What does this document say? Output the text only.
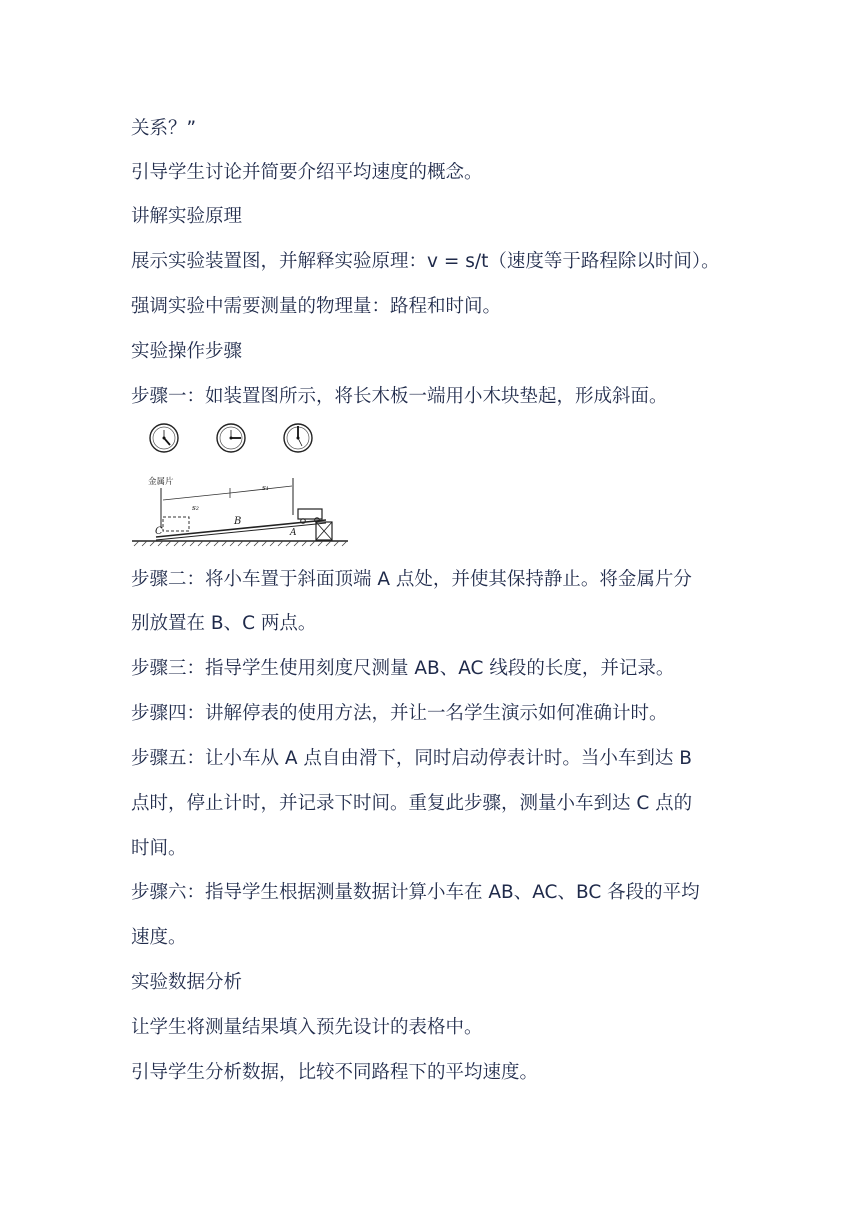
关系？”
引导学生讨论并简要介绍平均速度的概念。
讲解实验原理
展示实验装置图，并解释实验原理：v = s/t（速度等于路程除以时间）。
强调实验中需要测量的物理量：路程和时间。
实验操作步骤
步骤一：如装置图所示，将长木板一端用小木块垫起，形成斜面。
金属片
s₂
s₁
B
A
C
步骤二：将小车置于斜面顶端 A 点处，并使其保持静止。将金属片分
别放置在 B、C 两点。
步骤三：指导学生使用刻度尺测量 AB、AC 线段的长度，并记录。
步骤四：讲解停表的使用方法，并让一名学生演示如何准确计时。
步骤五：让小车从 A 点自由滑下，同时启动停表计时。当小车到达 B
点时，停止计时，并记录下时间。重复此步骤，测量小车到达 C 点的
时间。
步骤六：指导学生根据测量数据计算小车在 AB、AC、BC 各段的平均
速度。
实验数据分析
让学生将测量结果填入预先设计的表格中。
引导学生分析数据，比较不同路程下的平均速度。
